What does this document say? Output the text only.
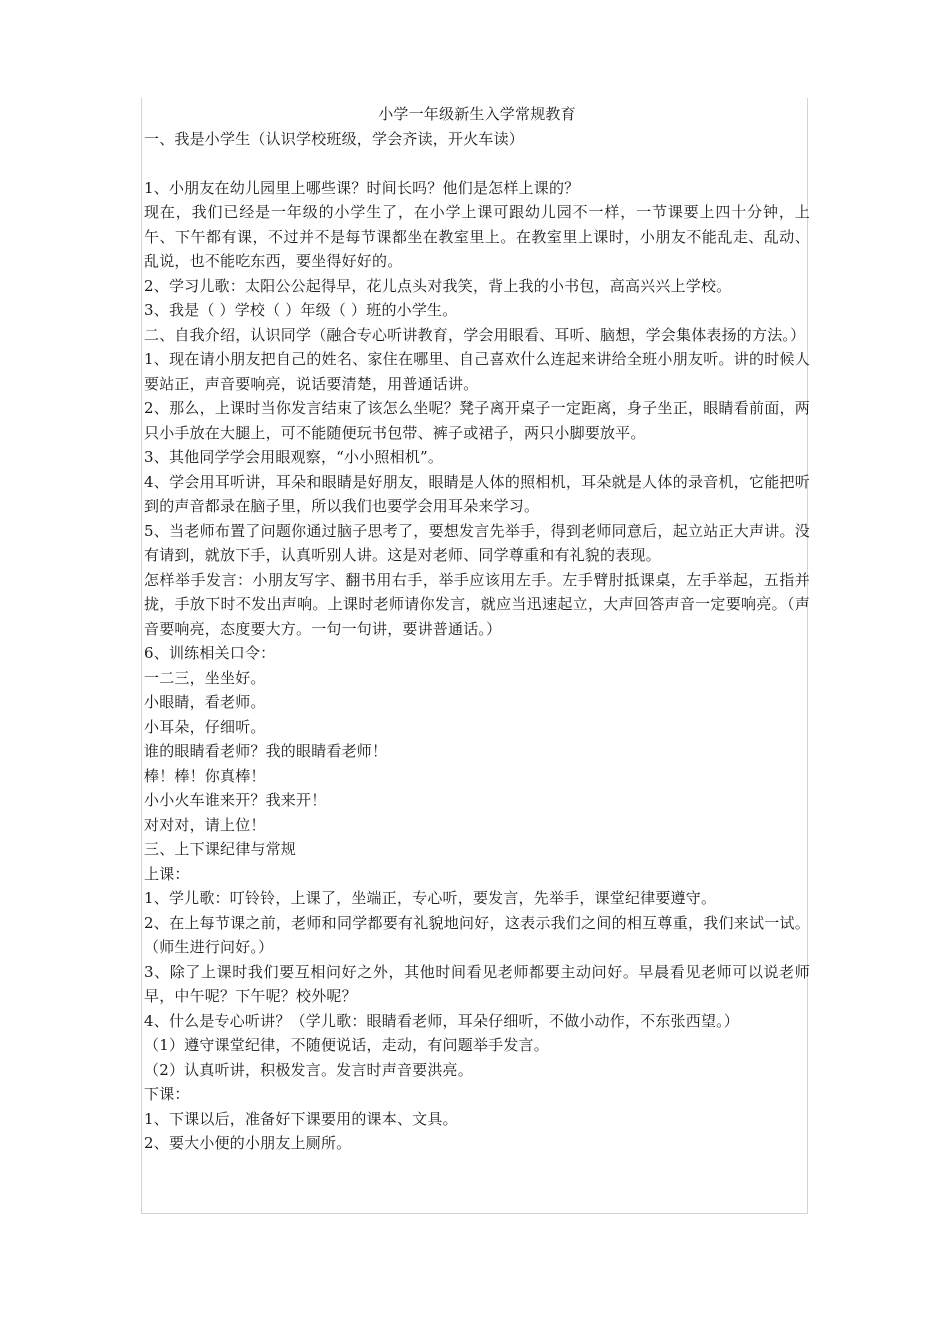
小学一年级新生入学常规教育

一、我是小学生（认识学校班级，学会齐读，开火车读）

1、小朋友在幼儿园里上哪些课？时间长吗？他们是怎样上课的？

现在，我们已经是一年级的小学生了，在小学上课可跟幼儿园不一样，一节课要上四十分钟，上午、下午都有课，不过并不是每节课都坐在教室里上。在教室里上课时，小朋友不能乱走、乱动、乱说，也不能吃东西，要坐得好好的。

2、学习儿歌：太阳公公起得早，花儿点头对我笑，背上我的小书包，高高兴兴上学校。

3、我是（ ）学校（ ）年级（ ）班的小学生。

二、自我介绍，认识同学（融合专心听讲教育，学会用眼看、耳听、脑想，学会集体表扬的方法。）

1、现在请小朋友把自己的姓名、家住在哪里、自己喜欢什么连起来讲给全班小朋友听。讲的时候人要站正，声音要响亮，说话要清楚，用普通话讲。

2、那么，上课时当你发言结束了该怎么坐呢？凳子离开桌子一定距离，身子坐正，眼睛看前面，两只小手放在大腿上，可不能随便玩书包带、裤子或裙子，两只小脚要放平。

3、其他同学学会用眼观察，“小小照相机”。

4、学会用耳听讲，耳朵和眼睛是好朋友，眼睛是人体的照相机，耳朵就是人体的录音机，它能把听到的声音都录在脑子里，所以我们也要学会用耳朵来学习。

5、当老师布置了问题你通过脑子思考了，要想发言先举手，得到老师同意后，起立站正大声讲。没有请到，就放下手，认真听别人讲。这是对老师、同学尊重和有礼貌的表现。

怎样举手发言：小朋友写字、翻书用右手，举手应该用左手。左手臂肘抵课桌，左手举起，五指并拢，手放下时不发出声响。上课时老师请你发言，就应当迅速起立，大声回答声音一定要响亮。（声音要响亮，态度要大方。一句一句讲，要讲普通话。）

6、训练相关口令：

一二三，坐坐好。

小眼睛，看老师。

小耳朵，仔细听。

谁的眼睛看老师？我的眼睛看老师！

棒！棒！你真棒！

小小火车谁来开？我来开！

对对对，请上位！

三、上下课纪律与常规

上课：

1、学儿歌：叮铃铃，上课了，坐端正，专心听，要发言，先举手，课堂纪律要遵守。

2、在上每节课之前，老师和同学都要有礼貌地问好，这表示我们之间的相互尊重，我们来试一试。（师生进行问好。）

3、除了上课时我们要互相问好之外，其他时间看见老师都要主动问好。早晨看见老师可以说老师早，中午呢？下午呢？校外呢？

4、什么是专心听讲？（学儿歌：眼睛看老师，耳朵仔细听，不做小动作，不东张西望。）

（1）遵守课堂纪律，不随便说话，走动，有问题举手发言。

（2）认真听讲，积极发言。发言时声音要洪亮。

下课：

1、下课以后，准备好下课要用的课本、文具。

2、要大小便的小朋友上厕所。
